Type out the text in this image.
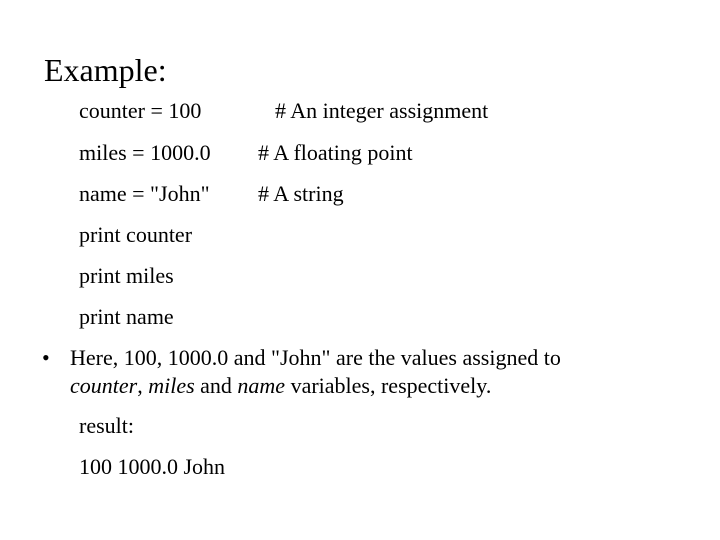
Example:
counter = 100	# An integer assignment
miles = 1000.0 # A floating point
name = "John" # A string
print counter
print miles
print name
• Here, 100, 1000.0 and "John" are the values assigned to
counter, miles and name variables, respectively.
result:
100 1000.0 John
